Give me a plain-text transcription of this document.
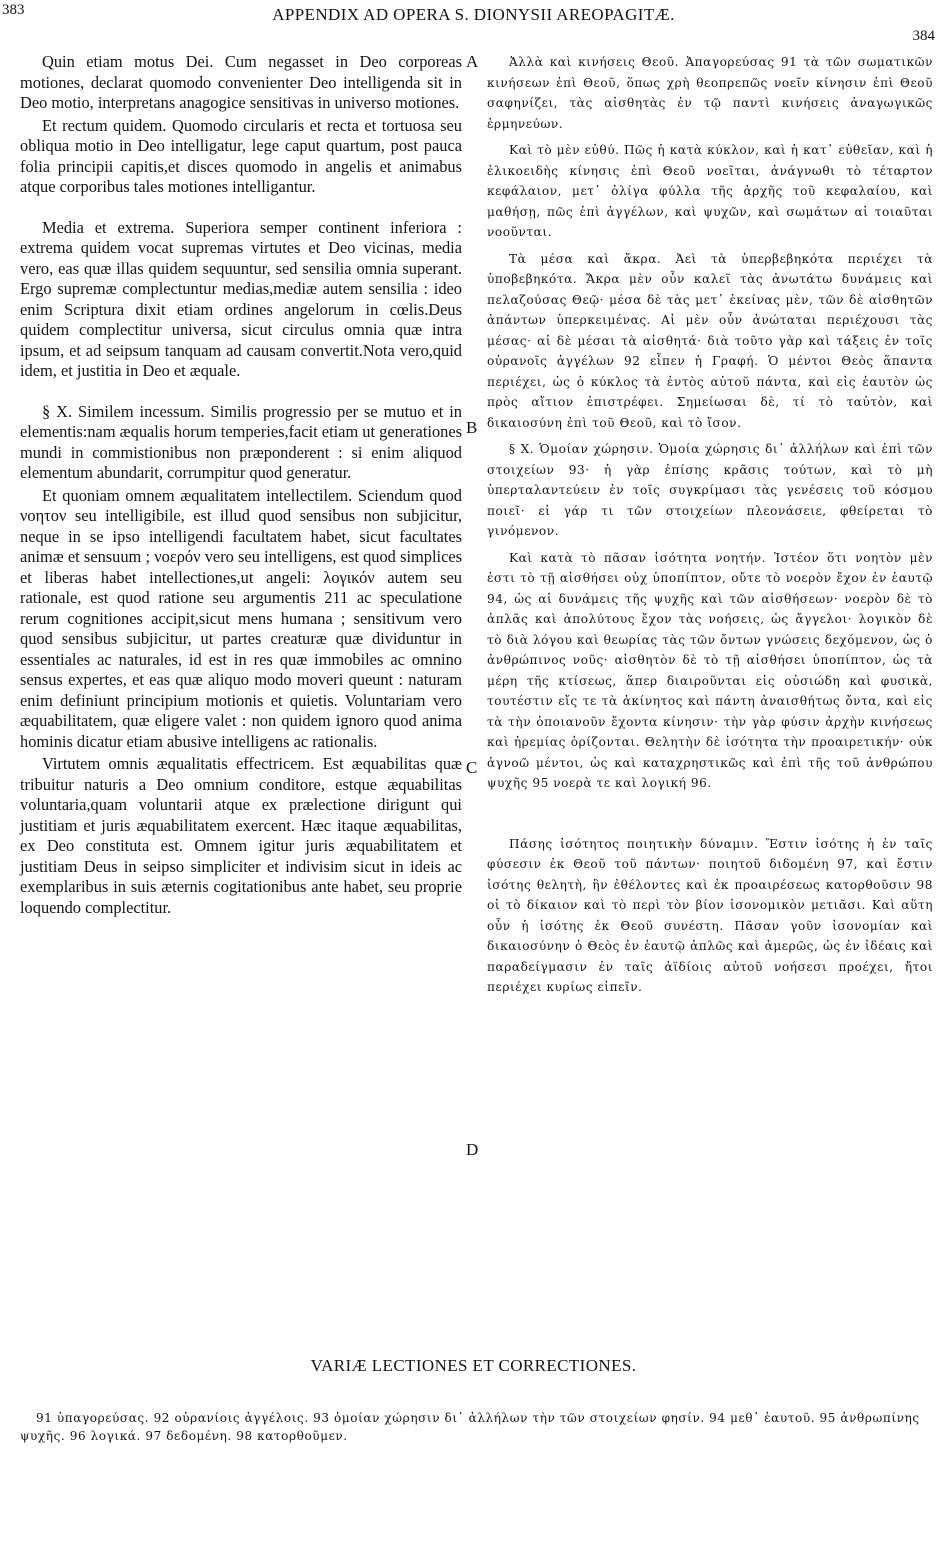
383	APPENDIX AD OPERA S. DIONYSII AREOPAGITÆ.
384

Quin etiam motus Dei. Cum negasset in Deo corporeas motiones, declarat quomodo convenienter Deo intelligenda sit in Deo motio, interpretans anagogice sensitivas in universo motiones.

Et rectum quidem. Quomodo circularis et recta et tortuosa seu obliqua motio in Deo intelligatur, lege caput quartum, post pauca folia principii capitis,et disces quomodo in angelis et animabus atque corporibus tales motiones intelligantur.

Media et extrema. Superiora semper continent inferiora : extrema quidem vocat supremas virtutes et Deo vicinas, media vero, eas quæ illas quidem sequuntur, sed sensilia omnia superant. Ergo supremæ complectuntur medias,mediæ autem sensilia : ideo enim Scriptura dixit etiam ordines angelorum in cœlis.Deus quidem complectitur universa, sicut circulus omnia quæ intra ipsum, et ad seipsum tanquam ad causam convertit.Nota vero,quid idem, et justitia in Deo et æquale.

§ X. Similem incessum. Similis progressio per se mutuo et in elementis:nam æqualis horum temperies,facit etiam ut generationes mundi in commistionibus non præponderent : si enim aliquod elementum abundarit, corrumpitur quod generatur.

Et quoniam omnem æqualitatem intellectilem. Sciendum quod νοητον seu intelligibile, est illud quod sensibus non subjicitur, neque in se ipso intelligendi facultatem habet, sicut facultates animæ et sensuum ; νοερόν vero seu intelligens, est quod simplices et liberas habet intellectiones,ut angeli: λογικόν autem seu rationale, est quod ratione seu argumentis 211 ac speculatione rerum cognitiones accipit,sicut mens humana ; sensitivum vero quod sensibus subjicitur, ut partes creaturæ quæ dividuntur in essentiales ac naturales, id est in res quæ immobiles ac omnino sensus expertes, et eas quæ aliquo modo moveri queunt : naturam enim definiunt principium motionis et quietis. Voluntariam vero æquabilitatem, quæ eligere valet : non quidem ignoro quod anima hominis dicatur etiam abusive intelligens ac rationalis.

Virtutem omnis æqualitatis effectricem. Est æquabilitas quæ tribuitur naturis a Deo omnium conditore, estque æquabilitas voluntaria,quam voluntarii atque ex prælectione dirigunt qui justitiam et juris æquabilitatem exercent. Hæc itaque æquabilitas, ex Deo constituta est. Omnem igitur juris æquabilitatem et justitiam Deus in seipso simpliciter et indivisim sicut in ideis ac exemplaribus in suis æternis cogitationibus ante habet, seu proprie loquendo complectitur.

A
B
C
D

Ἀλλὰ καὶ κινήσεις Θεοῦ. Ἀπαγορεύσας 91 τὰ τῶν σωματικῶν κινήσεων ἐπὶ Θεοῦ, ὅπως χρὴ θεοπρεπῶς νοεῖν κίνησιν ἐπὶ Θεοῦ σαφηνίζει, τὰς αἰσθητὰς ἐν τῷ παντὶ κινήσεις ἀναγωγικῶς ἑρμηνεύων.

Καὶ τὸ μὲν εὐθύ. Πῶς ἡ κατὰ κύκλον, καὶ ἡ κατ᾽ εὐθεῖαν, καὶ ἡ ἑλικοειδὴς κίνησις ἐπὶ Θεοῦ νοεῖται, ἀνάγνωθι τὸ τέταρτον κεφάλαιον, μετ᾽ ὀλίγα φύλλα τῆς ἀρχῆς τοῦ κεφαλαίου, καὶ μαθήσῃ, πῶς ἐπὶ ἀγγέλων, καὶ ψυχῶν, καὶ σωμάτων αἱ τοιαῦται νοοῦνται.

Τὰ μέσα καὶ ἄκρα. Ἀεὶ τὰ ὑπερβεβηκότα περιέχει τὰ ὑποβεβηκότα. Ἄκρα μὲν οὖν καλεῖ τὰς ἀνωτάτω δυνάμεις καὶ πελαζούσας Θεῷ· μέσα δὲ τὰς μετ᾽ ἐκείνας μὲν, τῶν δὲ αἰσθητῶν ἁπάντων ὑπερκειμένας. Αἱ μὲν οὖν ἀνώταται περιέχουσι τὰς μέσας· αἱ δὲ μέσαι τὰ αἰσθητά· διὰ τοῦτο γὰρ καὶ τάξεις ἐν τοῖς οὐρανοῖς ἀγγέλων 92 εἶπεν ἡ Γραφή. Ὁ μέντοι Θεὸς ἅπαντα περιέχει, ὡς ὁ κύκλος τὰ ἐντὸς αὐτοῦ πάντα, καὶ εἰς ἑαυτὸν ὡς πρὸς αἴτιον ἐπιστρέφει. Σημείωσαι δὲ, τί τὸ ταὐτὸν, καὶ δικαιοσύνη ἐπὶ τοῦ Θεοῦ, καὶ τὸ ἴσον.

§ X. Ὁμοίαν χώρησιν. Ὁμοία χώρησις δι᾽ ἀλλήλων καὶ ἐπὶ τῶν στοιχείων 93· ἡ γὰρ ἐπίσης κρᾶσις τούτων, καὶ τὸ μὴ ὑπερταλαντεύειν ἐν τοῖς συγκρίμασι τὰς γενέσεις τοῦ κόσμου ποιεῖ· εἰ γάρ τι τῶν στοιχείων πλεονάσειε, φθείρεται τὸ γινόμενον.

Καὶ κατὰ τὸ πᾶσαν ἰσότητα νοητήν. Ἰστέον ὅτι νοητὸν μὲν ἐστι τὸ τῇ αἰσθήσει οὐχ ὑποπίπτον, οὔτε τὸ νοερὸν ἔχον ἐν ἑαυτῷ 94, ὡς αἱ δυνάμεις τῆς ψυχῆς καὶ τῶν αἰσθήσεων· νοερὸν δὲ τὸ ἁπλᾶς καὶ ἀπολύτους ἔχον τὰς νοήσεις, ὡς ἄγγελοι· λογικὸν δὲ τὸ διὰ λόγου καὶ θεωρίας τὰς τῶν ὄντων γνώσεις δεχόμενον, ὡς ὁ ἀνθρώπινος νοῦς· αἰσθητὸν δὲ τὸ τῇ αἰσθήσει ὑποπίπτον, ὡς τὰ μέρη τῆς κτίσεως, ἅπερ διαιροῦνται εἰς οὐσιώδη καὶ φυσικὰ, τουτέστιν εἴς τε τὰ ἀκίνητος καὶ πάντη ἀναισθήτως ὄντα, καὶ εἰς τὰ τὴν ὁποιανοῦν ἔχοντα κίνησιν· τὴν γὰρ φύσιν ἀρχὴν κινήσεως καὶ ἠρεμίας ὁρίζονται. Θελητὴν δὲ ἰσότητα τὴν προαιρετικήν· οὐκ ἀγνοῶ μέντοι, ὡς καὶ καταχρηστικῶς καὶ ἐπὶ τῆς τοῦ ἀνθρώπου ψυχῆς 95 νοερὰ τε καὶ λογική 96.

Πάσης ἰσότητος ποιητικὴν δύναμιν. Ἔστιν ἰσότης ἡ ἐν ταῖς φύσεσιν ἐκ Θεοῦ τοῦ πάντων· ποιητοῦ διδομένη 97, καὶ ἔστιν ἰσότης θελητὴ, ἣν ἐθέλοντες καὶ ἐκ προαιρέσεως κατορθοῦσιν 98 οἱ τὸ δίκαιον καὶ τὸ περὶ τὸν βίον ἰσονομικὸν μετιᾶσι. Καὶ αὕτη οὖν ἡ ἰσότης ἐκ Θεοῦ συνέστη. Πᾶσαν γοῦν ἰσονομίαν καὶ δικαιοσύνην ὁ Θεὸς ἐν ἑαυτῷ ἁπλῶς καὶ ἀμερῶς, ὡς ἐν ἰδέαις καὶ παραδείγμασιν ἐν ταῖς ἀϊδίοις αὐτοῦ νοήσεσι προέχει, ἤτοι περιέχει κυρίως εἰπεῖν.

VARIÆ LECTIONES ET CORRECTIONES.
91 ὑπαγορεύσας. 92 οὐρανίοις ἀγγέλοις. 93 ὁμοίαν χώρησιν δι᾽ ἀλλήλων τὴν τῶν στοιχείων φησίν. 94 μεθ᾽ ἑαυτοῦ. 95 ἀνθρωπίνης ψυχῆς. 96 λογικά. 97 δεδομένη. 98 κατορθοῦμεν.
